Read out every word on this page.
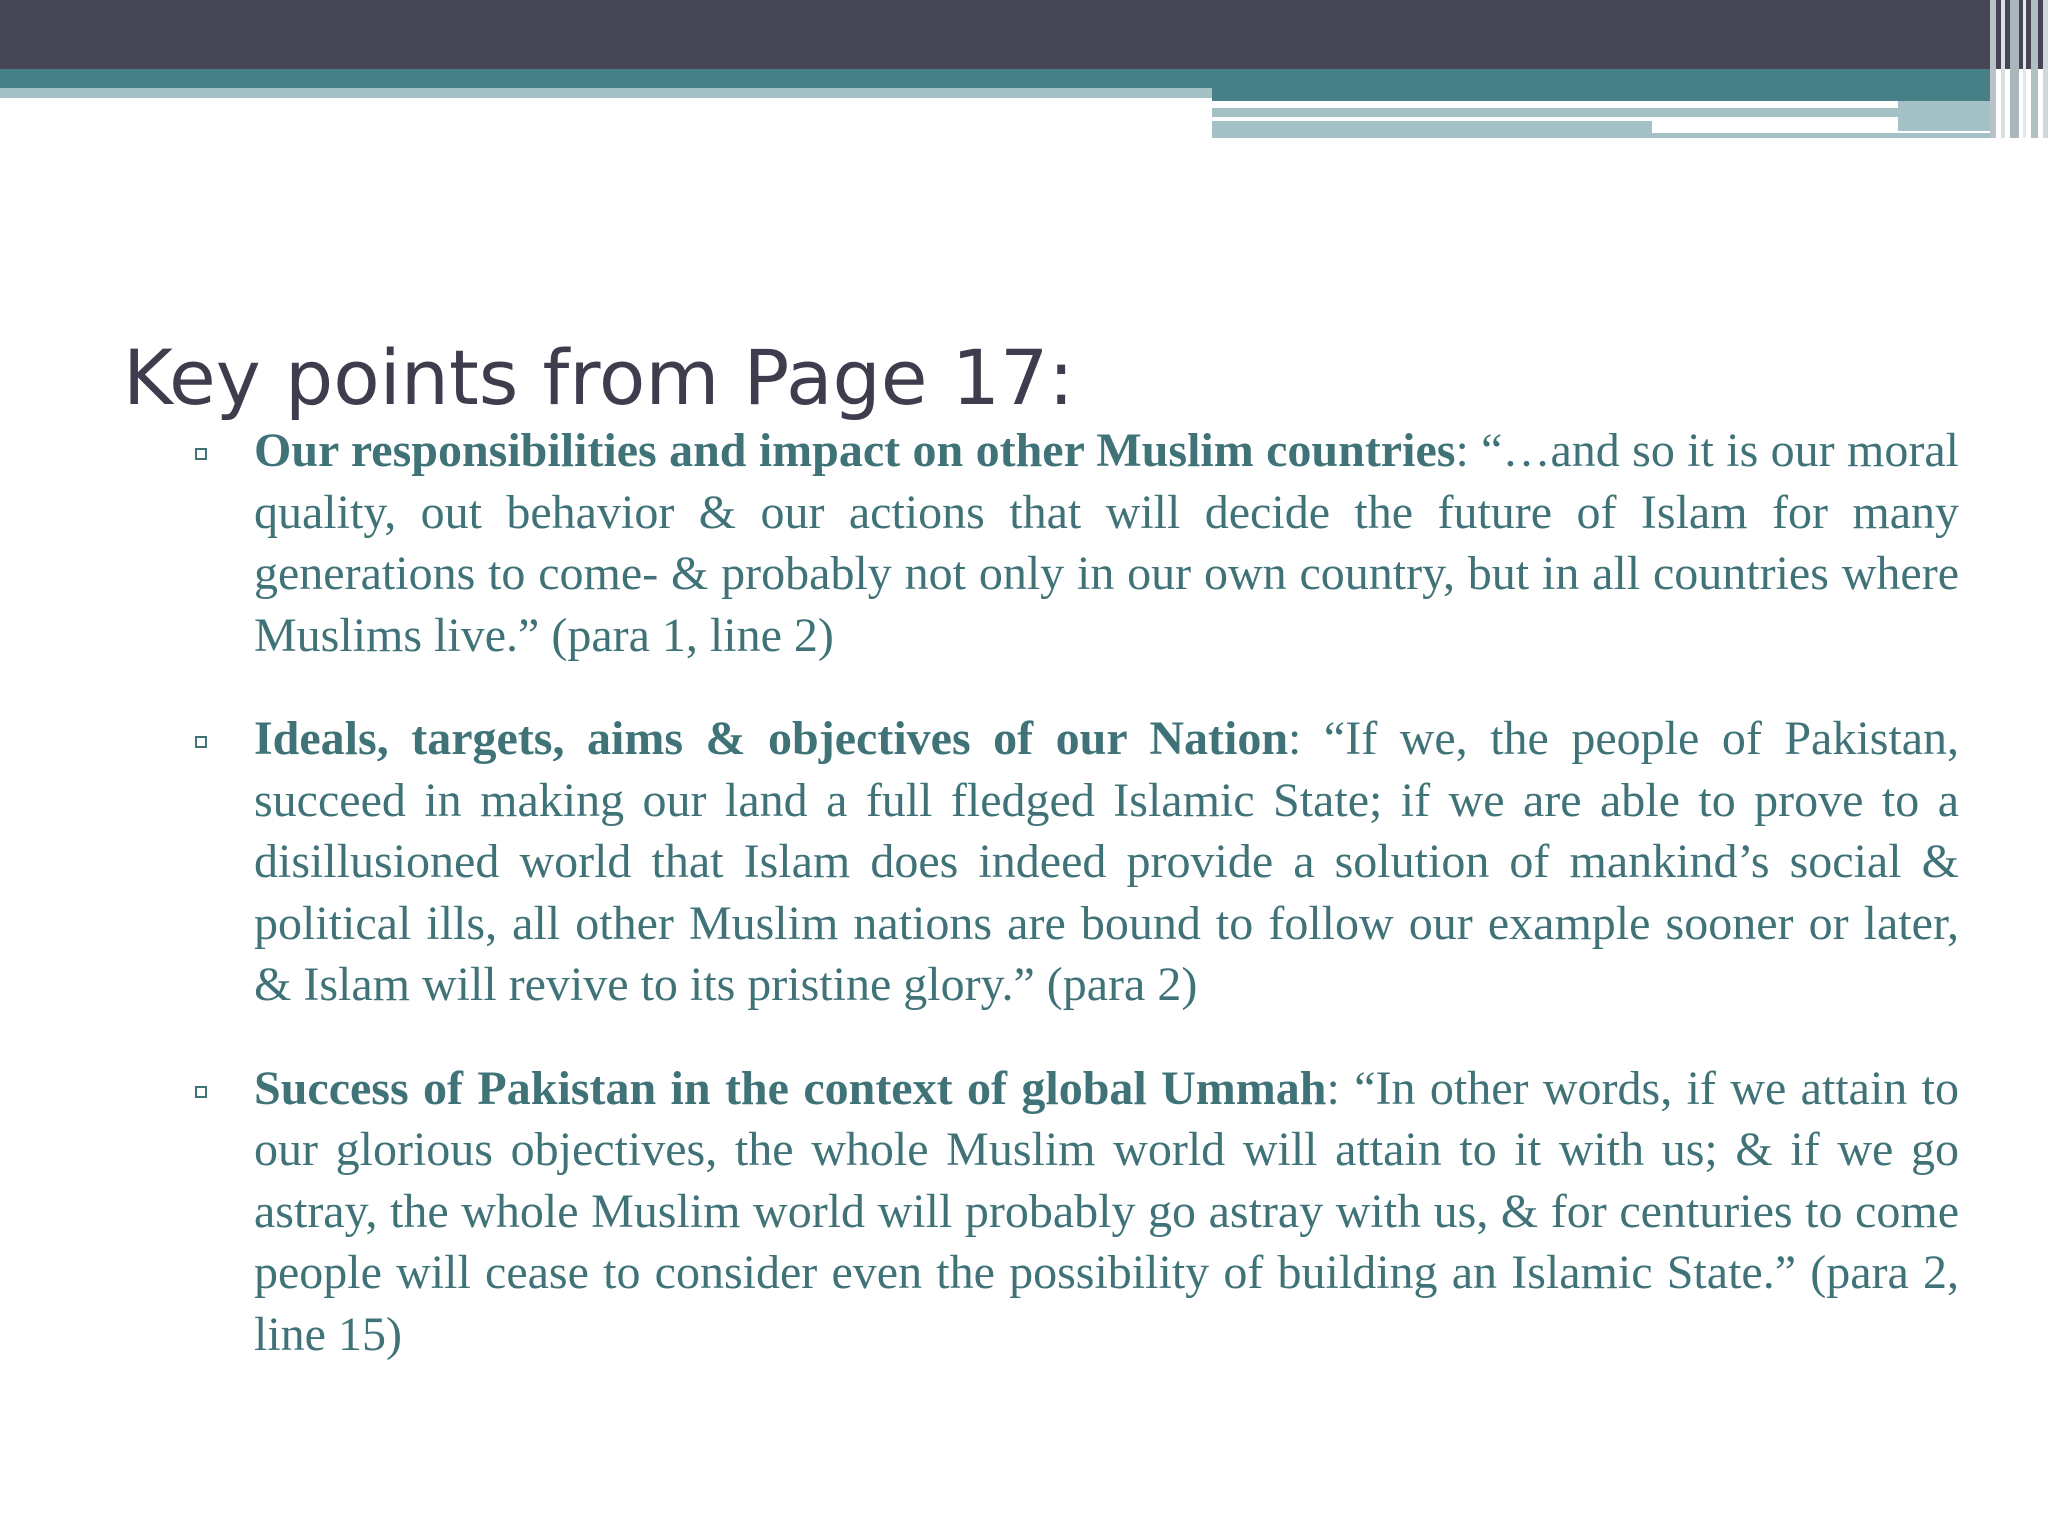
Key points from Page 17:
Our responsibilities and impact on other Muslim countries: “…and so it is our moral quality, out behavior & our actions that will decide the future of Islam for many generations to come- & probably not only in our own country, but in all countries where Muslims live.” (para 1, line 2)
Ideals, targets, aims & objectives of our Nation: “If we, the people of Pakistan, succeed in making our land a full fledged Islamic State; if we are able to prove to a disillusioned world that Islam does indeed provide a solution of mankind’s social & political ills, all other Muslim nations are bound to follow our example sooner or later, & Islam will revive to its pristine glory.” (para 2)
Success of Pakistan in the context of global Ummah: “In other words, if we attain to our glorious objectives, the whole Muslim world will attain to it with us; & if we go astray, the whole Muslim world will probably go astray with us, & for centuries to come people will cease to consider even the possibility of building an Islamic State.” (para 2, line 15)
